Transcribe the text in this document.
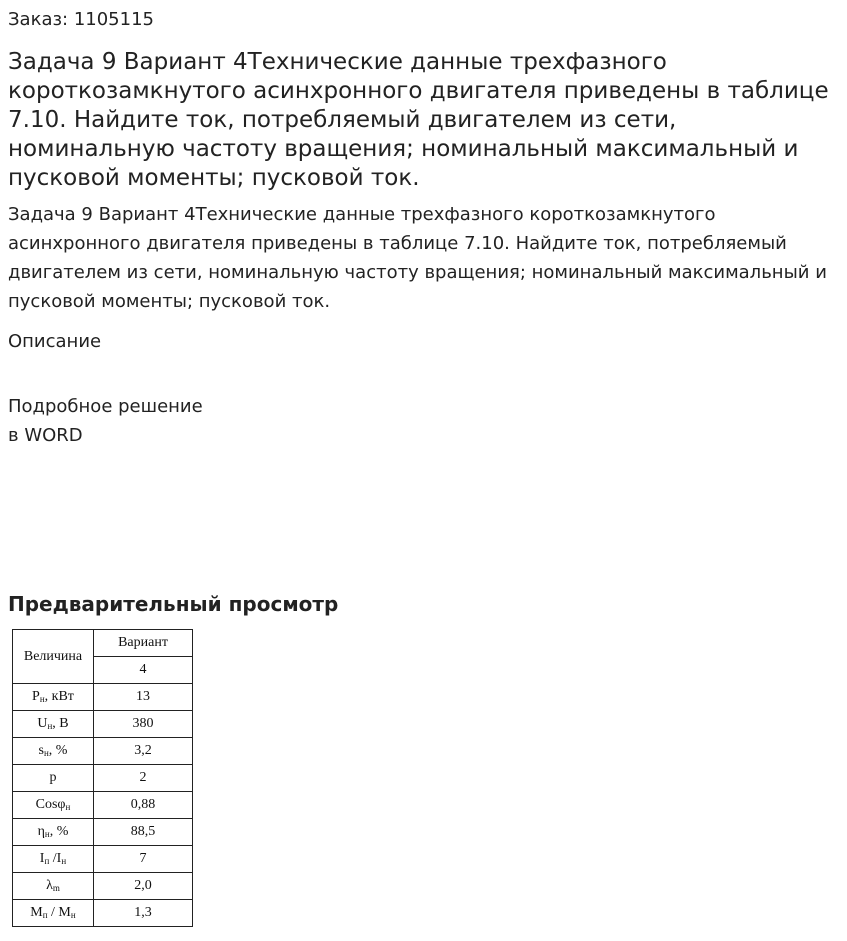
Заказ: 1105115

Задача 9 Вариант 4Технические данные трехфазного короткозамкнутого асинхронного двигателя приведены в таблице 7.10. Найдите ток, потребляемый двигателем из сети, номинальную частоту вращения; номинальный максимальный и пусковой моменты; пусковой ток.

Задача 9 Вариант 4Технические данные трехфазного короткозамкнутого асинхронного двигателя приведены в таблице 7.10. Найдите ток, потребляемый двигателем из сети, номинальную частоту вращения; номинальный максимальный и пусковой моменты; пусковой ток.

Описание

Подробное решение
в WORD

Предварительный просмотр
Величина	Вариант
	4
$P_н$, кВт	13
$U_н$, В	380
$s_н$, %	3,2
p	2
Cosφ$_н$	0,88
$\eta_н$, %	88,5
$I_п$ $/I_н$	7
$\lambda_m$	2,0
$M_п / M_н$	1,3
